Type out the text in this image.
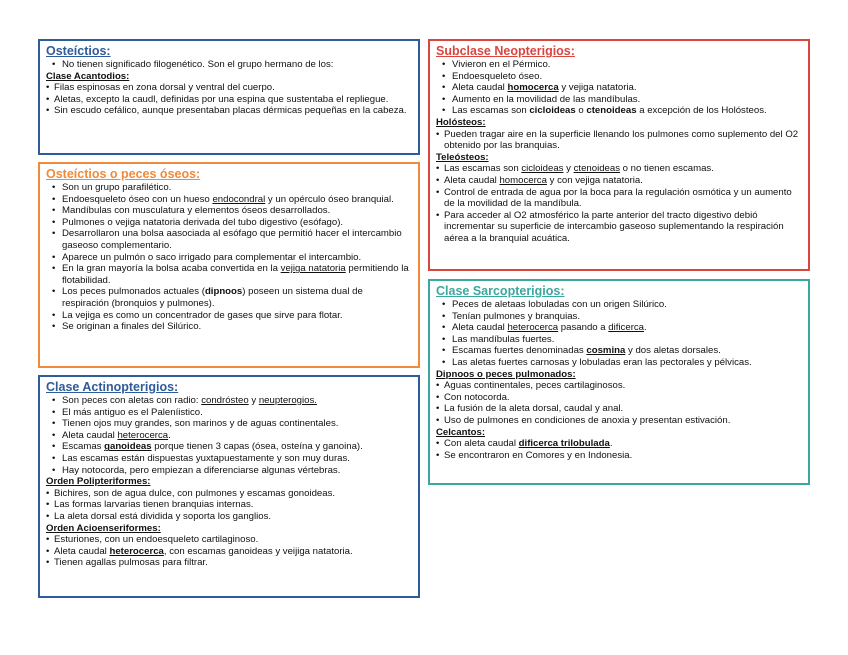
Osteíctios:
• No tienen significado filogenético. Son el grupo hermano de los:
Clase Acantodios:
• Filas espinosas en zona dorsal y ventral del cuerpo.
• Aletas, excepto la caudl, definidas por una espina que sustentaba el repliegue.
• Sin escudo cefálico, aunque presentaban placas dérmicas pequeñas en la cabeza.
Osteíctios o peces óseos:
• Son un grupo parafilético.
• Endoesqueleto óseo con un hueso endocondral y un opérculo óseo branquial.
• Mandíbulas con musculatura y elementos óseos desarrollados.
• Pulmones o vejiga natatoria derivada del tubo digestivo (esófago).
• Desarrollaron una bolsa aasociada al esófago que permitió hacer el intercambio gaseoso complementario.
• Aparece un pulmón o saco irrigado para complementar el intercambio.
• En la gran mayoría la bolsa acaba convertida en la vejiga natatoria permitiendo la flotabilidad.
• Los peces pulmonados actuales (dipnoos) poseen un sistema dual de respiración (bronquios y pulmones).
• La vejiga es como un concentrador de gases que sirve para flotar.
• Se originan a finales del Silúrico.
Clase Actinopterigios:
• Son peces con aletas con radio: condrósteo y neupterogios.
• El más antiguo es el Paleníistico.
• Tienen ojos muy grandes, son marinos y de aguas continentales.
• Aleta caudal heterocerca.
• Escamas ganoideas porque tienen 3 capas (ósea, osteína y ganoina).
• Las escamas están dispuestas yuxtapuestamente y son muy duras.
• Hay notocorda, pero empiezan a diferenciarse algunas vértebras.
Orden Polipteriformes:
• Bichires, son de agua dulce, con pulmones y escamas gonoideas.
• Las formas larvarias tienen branquias internas.
• La aleta dorsal está dividida y soporta los ganglios.
Orden Acioenseriformes:
• Esturiones, con un endoesqueleto cartilaginoso.
• Aleta caudal heterocerca, con escamas ganoideas y veijiga natatoria.
• Tienen agallas pulmosas para filtrar.
Subclase Neopterigios:
• Vivieron en el Pérmico.
• Endoesqueleto óseo.
• Aleta caudal homocerca y vejiga natatoria.
• Aumento en la movilidad de las mandíbulas.
• Las escamas son cicloideas o ctenoideas a excepción de los Holósteos.
Holósteos:
• Pueden tragar aire en la superficie llenando los pulmones como suplemento del O2 obtenido por las branquias.
Teleósteos:
• Las escamas son cicloideas y ctenoideas o no tienen escamas.
• Aleta caudal homocerca y con vejiga natatoria.
• Control de entrada de agua por la boca para la regulación osmótica y un aumento de la movilidad de la mandíbula.
• Para acceder al O2 atmosférico la parte anterior del tracto digestivo debió incrementar su superficie de intercambio gaseoso suplementando la respiración aérea a la branquial acuática.
Clase Sarcopterigios:
• Peces de aletaas lobuladas con un origen Silúrico.
• Tenían pulmones y branquias.
• Aleta caudal heterocerca pasando a dificerca.
• Las mandíbulas fuertes.
• Escamas fuertes denominadas cosmina y dos aletas dorsales.
• Las aletas fuertes carnosas y lobuladas eran las pectorales y pélvicas.
Dipnoos o peces pulmonados:
• Aguas continentales, peces cartilaginosos.
• Con notocorda.
• La fusión de la aleta dorsal, caudal y anal.
• Uso de pulmones en condiciones de anoxia y presentan estivación.
Celcantos:
• Con aleta caudal dificerca trilobulada.
• Se encontraron en Comores y en Indonesia.
